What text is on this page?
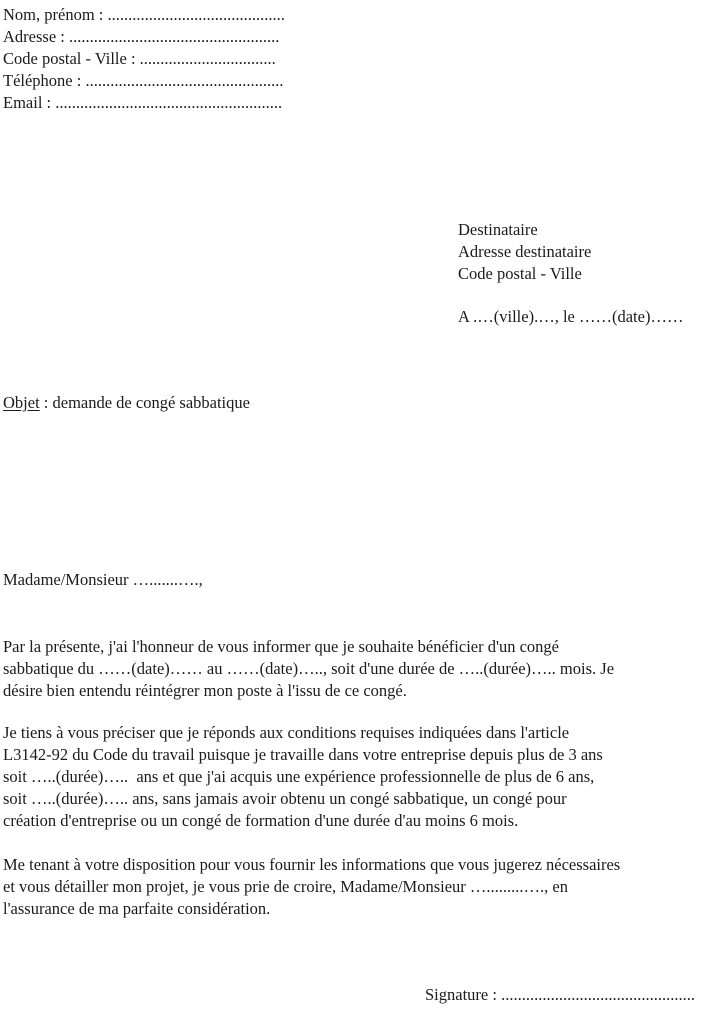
Nom, prénom : ...........................................
Adresse : ...................................................
Code postal - Ville : .................................
Téléphone : ................................................
Email : .......................................................
Destinataire
Adresse destinataire
Code postal - Ville
A .…(ville).…, le ……(date)……
Objet : demande de congé sabbatique
Madame/Monsieur ….......….,
Par la présente, j'ai l'honneur de vous informer que je souhaite bénéficier d'un congé
sabbatique du ……(date)…… au ……(date)….., soit d'une durée de …..(durée)….. mois. Je
désire bien entendu réintégrer mon poste à l'issu de ce congé.
Je tiens à vous préciser que je réponds aux conditions requises indiquées dans l'article
L3142-92 du Code du travail puisque je travaille dans votre entreprise depuis plus de 3 ans
soit …..(durée)…..  ans et que j'ai acquis une expérience professionnelle de plus de 6 ans,
soit …..(durée)….. ans, sans jamais avoir obtenu un congé sabbatique, un congé pour
création d'entreprise ou un congé de formation d'une durée d'au moins 6 mois.
Me tenant à votre disposition pour vous fournir les informations que vous jugerez nécessaires
et vous détailler mon projet, je vous prie de croire, Madame/Monsieur ….........…., en
l'assurance de ma parfaite considération.
Signature : ...............................................
